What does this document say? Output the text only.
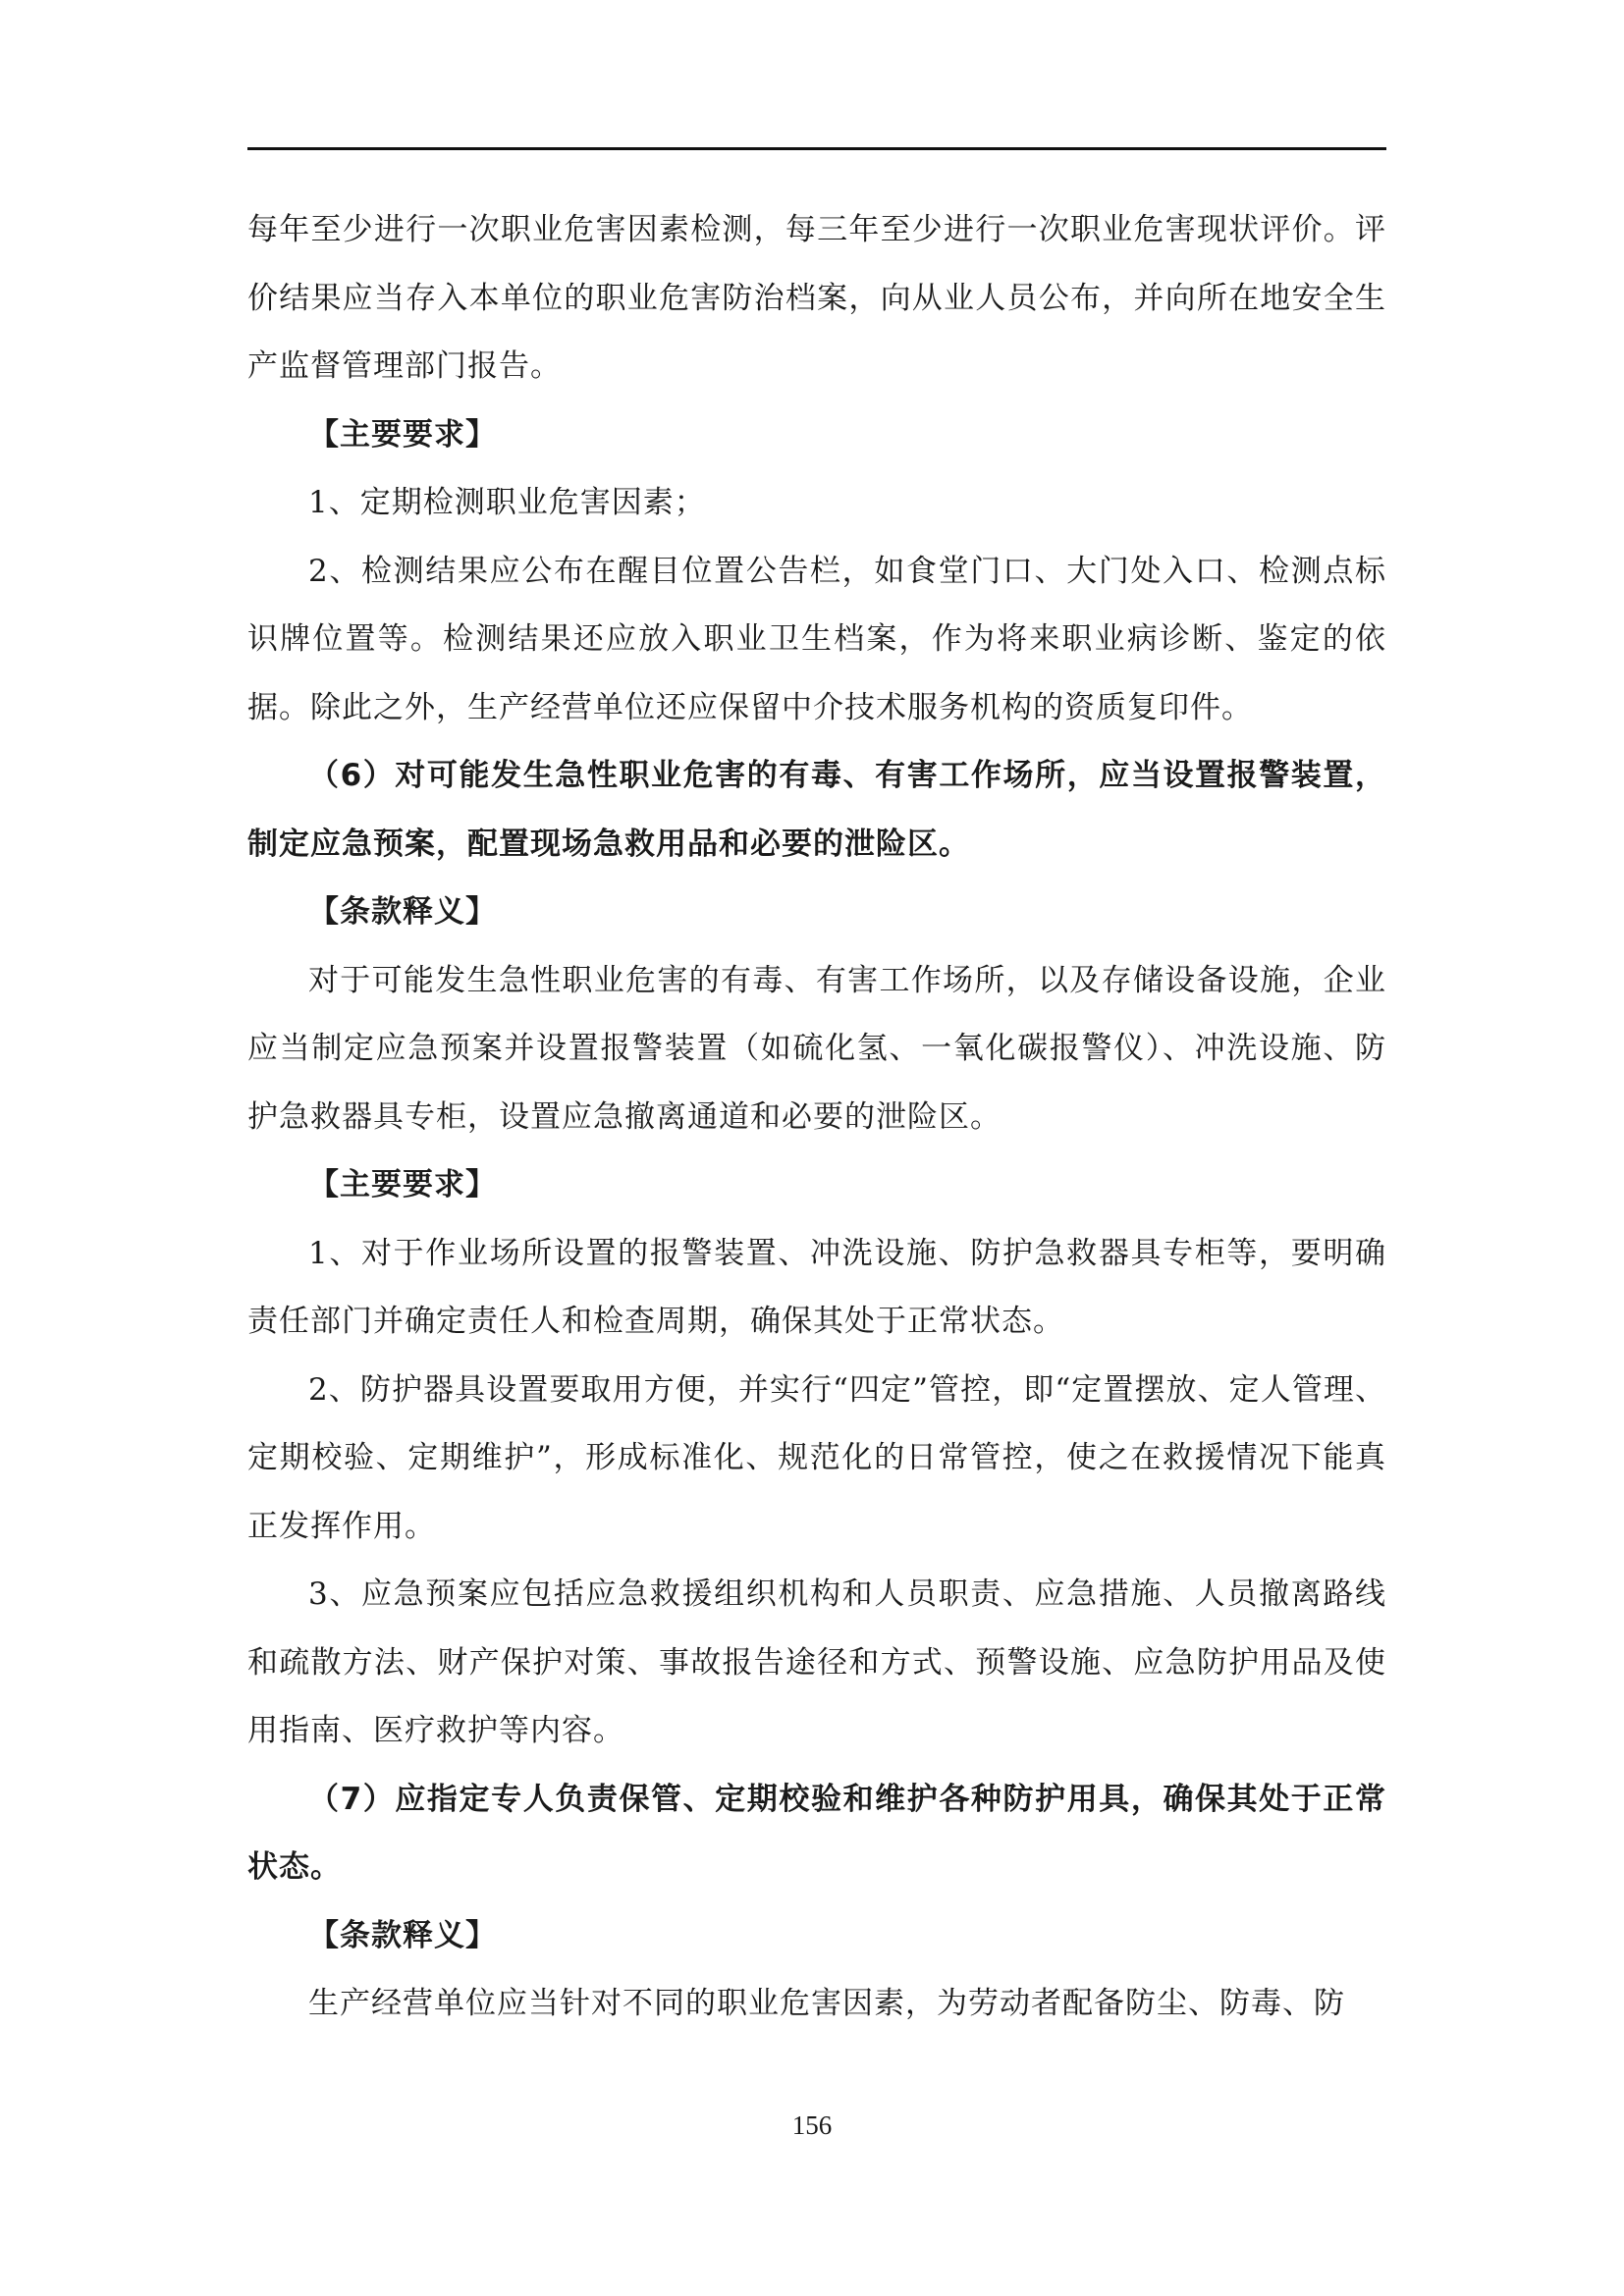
每年至少进行一次职业危害因素检测，每三年至少进行一次职业危害现状评价。评价结果应当存入本单位的职业危害防治档案，向从业人员公布，并向所在地安全生产监督管理部门报告。

【主要要求】

1、定期检测职业危害因素；

2、检测结果应公布在醒目位置公告栏，如食堂门口、大门处入口、检测点标识牌位置等。检测结果还应放入职业卫生档案，作为将来职业病诊断、鉴定的依据。除此之外，生产经营单位还应保留中介技术服务机构的资质复印件。

（6）对可能发生急性职业危害的有毒、有害工作场所，应当设置报警装置，制定应急预案，配置现场急救用品和必要的泄险区。

【条款释义】

对于可能发生急性职业危害的有毒、有害工作场所，以及存储设备设施，企业应当制定应急预案并设置报警装置（如硫化氢、一氧化碳报警仪）、冲洗设施、防护急救器具专柜，设置应急撤离通道和必要的泄险区。

【主要要求】

1、对于作业场所设置的报警装置、冲洗设施、防护急救器具专柜等，要明确责任部门并确定责任人和检查周期，确保其处于正常状态。

2、防护器具设置要取用方便，并实行“四定”管控，即“定置摆放、定人管理、定期校验、定期维护”，形成标准化、规范化的日常管控，使之在救援情况下能真正发挥作用。

3、应急预案应包括应急救援组织机构和人员职责、应急措施、人员撤离路线和疏散方法、财产保护对策、事故报告途径和方式、预警设施、应急防护用品及使用指南、医疗救护等内容。

（7）应指定专人负责保管、定期校验和维护各种防护用具，确保其处于正常状态。

【条款释义】

生产经营单位应当针对不同的职业危害因素，为劳动者配备防尘、防毒、防

156
